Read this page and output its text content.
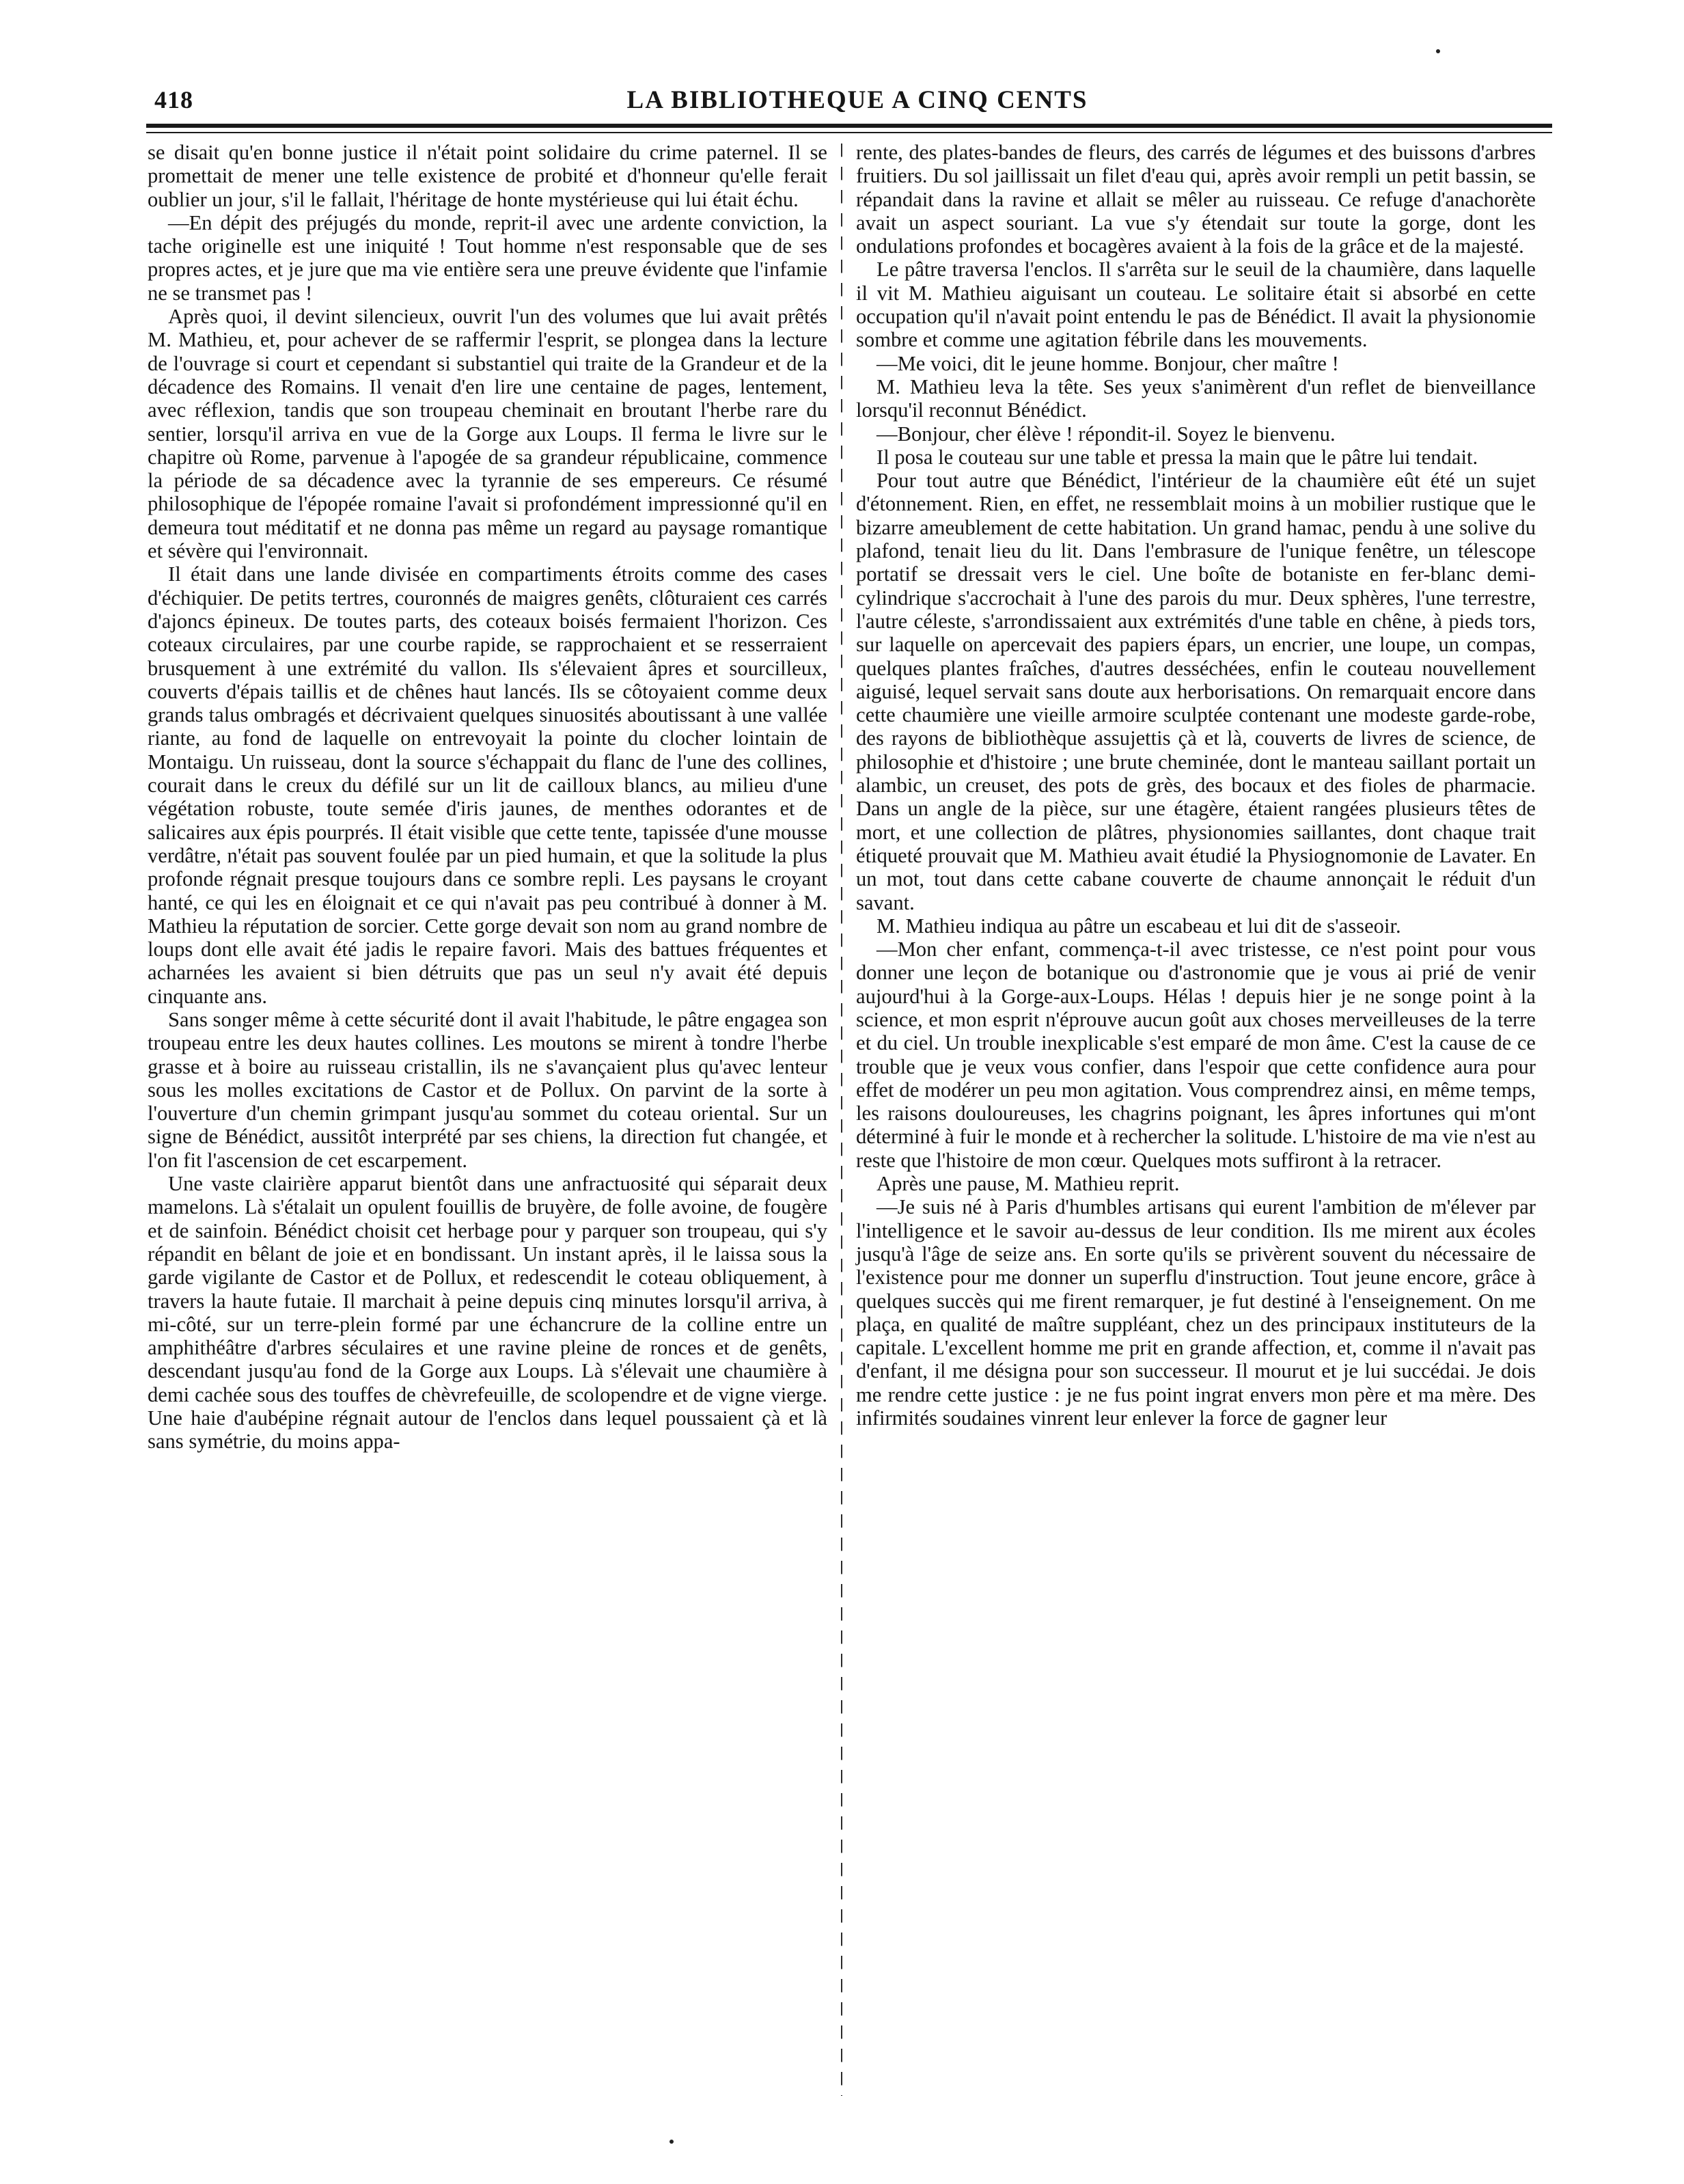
418	LA BIBLIOTHEQUE A CINQ CENTS

se disait qu'en bonne justice il n'était point solidaire du crime paternel. Il se promettait de mener une telle existence de probité et d'honneur qu'elle ferait oublier un jour, s'il le fallait, l'héritage de honte mystérieuse qui lui était échu.

—En dépit des préjugés du monde, reprit-il avec une ardente conviction, la tache originelle est une iniquité ! Tout homme n'est responsable que de ses propres actes, et je jure que ma vie entière sera une preuve évidente que l'infamie ne se transmet pas !

Après quoi, il devint silencieux, ouvrit l'un des volumes que lui avait prêtés M. Mathieu, et, pour achever de se raffermir l'esprit, se plongea dans la lecture de l'ouvrage si court et cependant si substantiel qui traite de la Grandeur et de la décadence des Romains. Il venait d'en lire une centaine de pages, lentement, avec réflexion, tandis que son troupeau cheminait en broutant l'herbe rare du sentier, lorsqu'il arriva en vue de la Gorge aux Loups. Il ferma le livre sur le chapitre où Rome, parvenue à l'apogée de sa grandeur républicaine, commence la période de sa décadence avec la tyrannie de ses empereurs. Ce résumé philosophique de l'épopée romaine l'avait si profondément impressionné qu'il en demeura tout méditatif et ne donna pas même un regard au paysage romantique et sévère qui l'environnait.

Il était dans une lande divisée en compartiments étroits comme des cases d'échiquier. De petits tertres, couronnés de maigres genêts, clôturaient ces carrés d'ajoncs épineux. De toutes parts, des coteaux boisés fermaient l'horizon. Ces coteaux circulaires, par une courbe rapide, se rapprochaient et se resserraient brusquement à une extrémité du vallon. Ils s'élevaient âpres et sourcilleux, couverts d'épais taillis et de chênes haut lancés. Ils se côtoyaient comme deux grands talus ombragés et décrivaient quelques sinuosités aboutissant à une vallée riante, au fond de laquelle on entrevoyait la pointe du clocher lointain de Montaigu. Un ruisseau, dont la source s'échappait du flanc de l'une des collines, courait dans le creux du défilé sur un lit de cailloux blancs, au milieu d'une végétation robuste, toute semée d'iris jaunes, de menthes odorantes et de salicaires aux épis pourprés. Il était visible que cette tente, tapissée d'une mousse verdâtre, n'était pas souvent foulée par un pied humain, et que la solitude la plus profonde régnait presque toujours dans ce sombre repli. Les paysans le croyant hanté, ce qui les en éloignait et ce qui n'avait pas peu contribué à donner à M. Mathieu la réputation de sorcier. Cette gorge devait son nom au grand nombre de loups dont elle avait été jadis le repaire favori. Mais des battues fréquentes et acharnées les avaient si bien détruits que pas un seul n'y avait été depuis cinquante ans.

Sans songer même à cette sécurité dont il avait l'habitude, le pâtre engagea son troupeau entre les deux hautes collines. Les moutons se mirent à tondre l'herbe grasse et à boire au ruisseau cristallin, ils ne s'avançaient plus qu'avec lenteur sous les molles excitations de Castor et de Pollux. On parvint de la sorte à l'ouverture d'un chemin grimpant jusqu'au sommet du coteau oriental. Sur un signe de Bénédict, aussitôt interprété par ses chiens, la direction fut changée, et l'on fit l'ascension de cet escarpement.

Une vaste clairière apparut bientôt dans une anfractuosité qui séparait deux mamelons. Là s'étalait un opulent fouillis de bruyère, de folle avoine, de fougère et de sainfoin. Bénédict choisit cet herbage pour y parquer son troupeau, qui s'y répandit en bêlant de joie et en bondissant. Un instant après, il le laissa sous la garde vigilante de Castor et de Pollux, et redescendit le coteau obliquement, à travers la haute futaie. Il marchait à peine depuis cinq minutes lorsqu'il arriva, à mi-côté, sur un terre-plein formé par une échancrure de la colline entre un amphithéâtre d'arbres séculaires et une ravine pleine de ronces et de genêts, descendant jusqu'au fond de la Gorge aux Loups. Là s'élevait une chaumière à demi cachée sous des touffes de chèvrefeuille, de scolopendre et de vigne vierge. Une haie d'aubépine régnait autour de l'enclos dans lequel poussaient çà et là sans symétrie, du moins appa-

rente, des plates-bandes de fleurs, des carrés de légumes et des buissons d'arbres fruitiers. Du sol jaillissait un filet d'eau qui, après avoir rempli un petit bassin, se répandait dans la ravine et allait se mêler au ruisseau. Ce refuge d'anachorète avait un aspect souriant. La vue s'y étendait sur toute la gorge, dont les ondulations profondes et bocagères avaient à la fois de la grâce et de la majesté.

Le pâtre traversa l'enclos. Il s'arrêta sur le seuil de la chaumière, dans laquelle il vit M. Mathieu aiguisant un couteau. Le solitaire était si absorbé en cette occupation qu'il n'avait point entendu le pas de Bénédict. Il avait la physionomie sombre et comme une agitation fébrile dans les mouvements.

—Me voici, dit le jeune homme. Bonjour, cher maître !

M. Mathieu leva la tête. Ses yeux s'animèrent d'un reflet de bienveillance lorsqu'il reconnut Bénédict.

—Bonjour, cher élève ! répondit-il. Soyez le bienvenu.

Il posa le couteau sur une table et pressa la main que le pâtre lui tendait.

Pour tout autre que Bénédict, l'intérieur de la chaumière eût été un sujet d'étonnement. Rien, en effet, ne ressemblait moins à un mobilier rustique que le bizarre ameublement de cette habitation. Un grand hamac, pendu à une solive du plafond, tenait lieu du lit. Dans l'embrasure de l'unique fenêtre, un télescope portatif se dressait vers le ciel. Une boîte de botaniste en fer-blanc demi-cylindrique s'accrochait à l'une des parois du mur. Deux sphères, l'une terrestre, l'autre céleste, s'arrondissaient aux extrémités d'une table en chêne, à pieds tors, sur laquelle on apercevait des papiers épars, un encrier, une loupe, un compas, quelques plantes fraîches, d'autres desséchées, enfin le couteau nouvellement aiguisé, lequel servait sans doute aux herborisations. On remarquait encore dans cette chaumière une vieille armoire sculptée contenant une modeste garde-robe, des rayons de bibliothèque assujettis çà et là, couverts de livres de science, de philosophie et d'histoire ; une brute cheminée, dont le manteau saillant portait un alambic, un creuset, des pots de grès, des bocaux et des fioles de pharmacie. Dans un angle de la pièce, sur une étagère, étaient rangées plusieurs têtes de mort, et une collection de plâtres, physionomies saillantes, dont chaque trait étiqueté prouvait que M. Mathieu avait étudié la Physiognomonie de Lavater. En un mot, tout dans cette cabane couverte de chaume annonçait le réduit d'un savant.

M. Mathieu indiqua au pâtre un escabeau et lui dit de s'asseoir.

—Mon cher enfant, commença-t-il avec tristesse, ce n'est point pour vous donner une leçon de botanique ou d'astronomie que je vous ai prié de venir aujourd'hui à la Gorge-aux-Loups. Hélas ! depuis hier je ne songe point à la science, et mon esprit n'éprouve aucun goût aux choses merveilleuses de la terre et du ciel. Un trouble inexplicable s'est emparé de mon âme. C'est la cause de ce trouble que je veux vous confier, dans l'espoir que cette confidence aura pour effet de modérer un peu mon agitation. Vous comprendrez ainsi, en même temps, les raisons douloureuses, les chagrins poignant, les âpres infortunes qui m'ont déterminé à fuir le monde et à rechercher la solitude. L'histoire de ma vie n'est au reste que l'histoire de mon cœur. Quelques mots suffiront à la retracer.

Après une pause, M. Mathieu reprit.

—Je suis né à Paris d'humbles artisans qui eurent l'ambition de m'élever par l'intelligence et le savoir au-dessus de leur condition. Ils me mirent aux écoles jusqu'à l'âge de seize ans. En sorte qu'ils se privèrent souvent du nécessaire de l'existence pour me donner un superflu d'instruction. Tout jeune encore, grâce à quelques succès qui me firent remarquer, je fut destiné à l'enseignement. On me plaça, en qualité de maître suppléant, chez un des principaux instituteurs de la capitale. L'excellent homme me prit en grande affection, et, comme il n'avait pas d'enfant, il me désigna pour son successeur. Il mourut et je lui succédai. Je dois me rendre cette justice : je ne fus point ingrat envers mon père et ma mère. Des infirmités soudaines vinrent leur enlever la force de gagner leur
